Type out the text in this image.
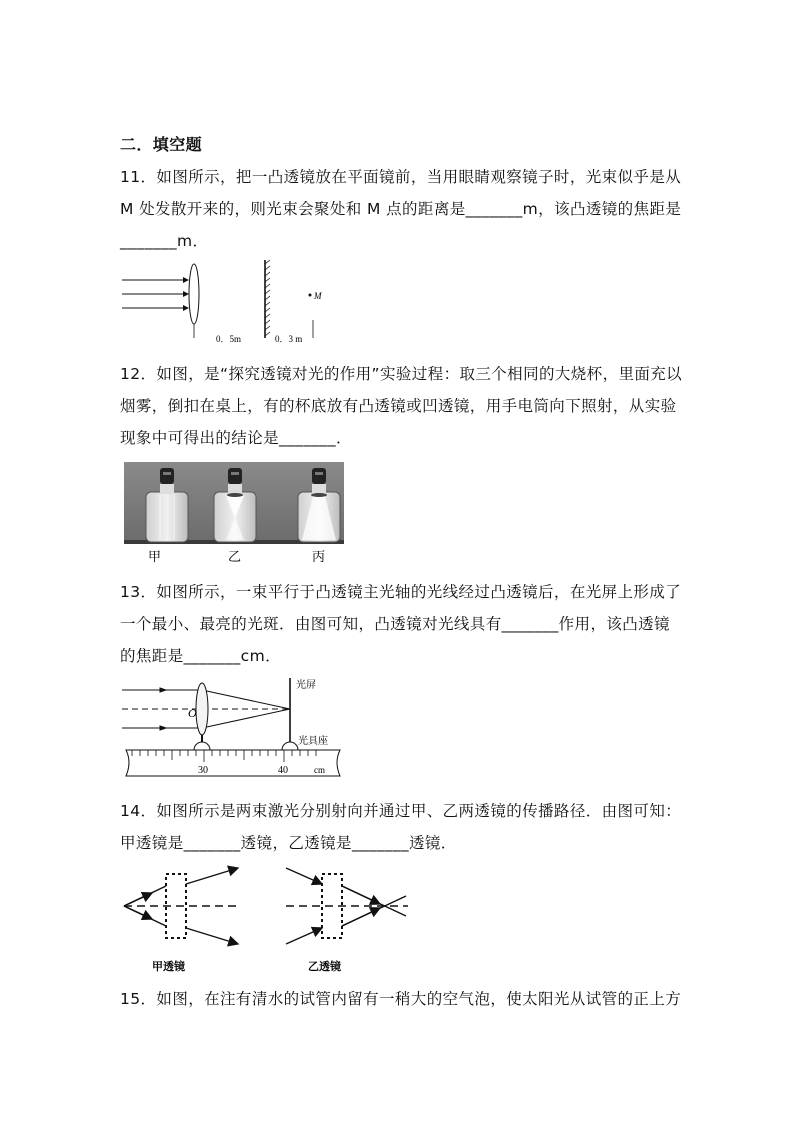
二．填空题
11．如图所示，把一凸透镜放在平面镜前，当用眼睛观察镜子时，光束似乎是从
M 处发散开来的，则光束会聚处和 M 点的距离是_______m，该凸透镜的焦距是
_______m．
M
0．5m	0．3 m
12．如图，是“探究透镜对光的作用”实验过程：取三个相同的大烧杯，里面充以
烟雾，倒扣在桌上，有的杯底放有凸透镜或凹透镜，用手电筒向下照射，从实验
现象中可得出的结论是_______．
甲	乙	丙
13．如图所示，一束平行于凸透镜主光轴的光线经过凸透镜后，在光屏上形成了
一个最小、最亮的光斑．由图可知，凸透镜对光线具有_______作用，该凸透镜
的焦距是_______cm．
O
光屏
光具座
30	40	cm
14．如图所示是两束激光分别射向并通过甲、乙两透镜的传播路径．由图可知：
甲透镜是_______透镜，乙透镜是_______透镜．
甲透镜	乙透镜
15．如图，在注有清水的试管内留有一稍大的空气泡，使太阳光从试管的正上方
